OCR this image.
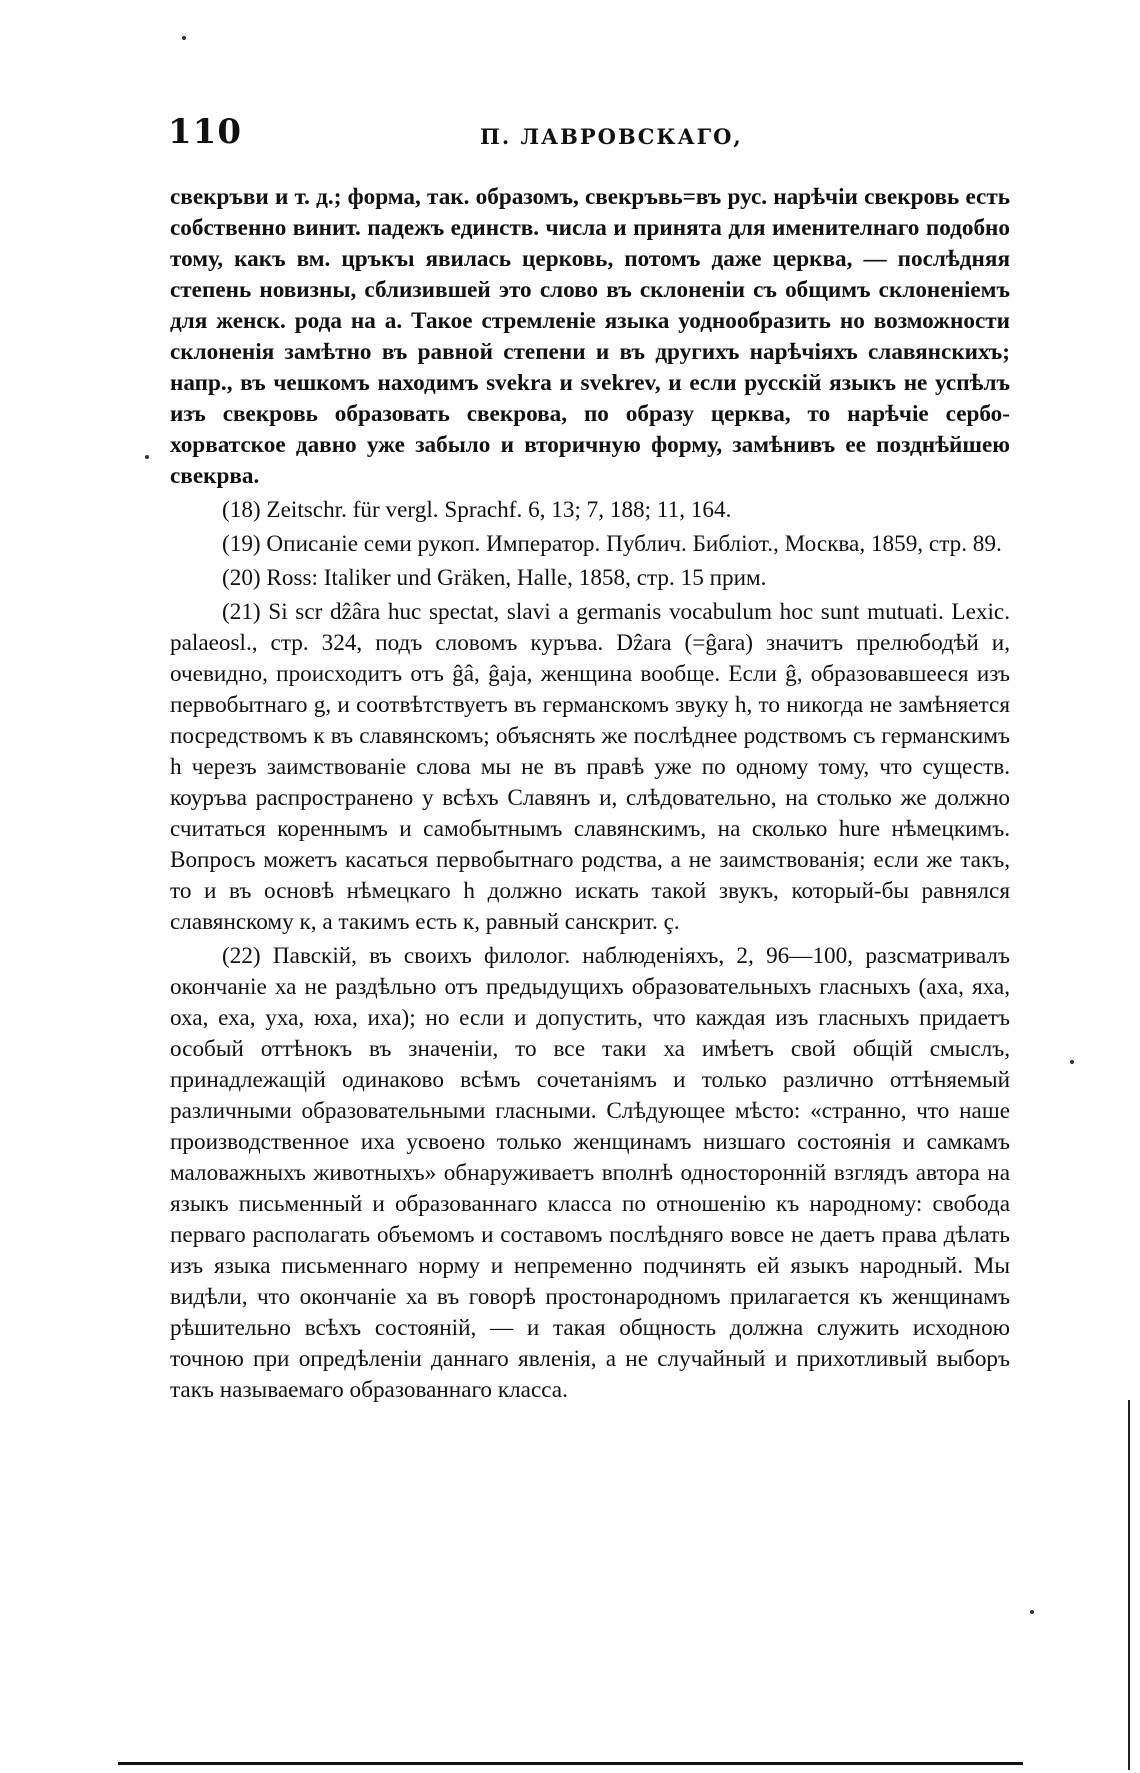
110	П. ЛАВРОВСКАГО,

свекръви и т. д.; форма, так. образомъ, свекръвь=въ рус. нарѣчіи свекровь есть собственно винит. падежъ единств. числа и принята для именителнаго подобно тому, какъ вм. цръкъı явилась церковь, потомъ даже церква, — послѣдняя степень новизны, сблизившей это слово въ склоненіи съ общимъ склоненіемъ для женск. рода на а. Такое стремленіе языка уоднообразить но возможности склоненія замѣтно въ равной степени и въ другихъ нарѣчіяхъ славянскихъ; напр., въ чешкомъ находимъ svekra и svekrev, и если русскій языкъ не успѣлъ изъ свекровь образовать свекрова, по образу церква, то нарѣчіе сербо-хорватское давно уже забыло и вторичную форму, замѣнивъ ее позднѣйшею свекрва.

(18) Zeitschr. für vergl. Sprachf. 6, 13; 7, 188; 11, 164.

(19) Описаніе семи рукоп. Император. Публич. Библіот., Москва, 1859, стр. 89.

(20) Ross: Italiker und Gräken, Halle, 1858, стр. 15 прим.

(21) Si scr dẑâra huc spectat, slavi a germanis vocabulum hoc sunt mutuati. Lexic. palaeosl., стр. 324, подъ словомъ куръва. Dẑara (=ĝara) значитъ прелюбодѣй и, очевидно, происходитъ отъ ĝâ, ĝaja, женщина вообще. Если ĝ, образовавшееся изъ первобытнаго g, и соотвѣтствуетъ въ германскомъ звуку h, то никогда не замѣняется посредствомъ к въ славянскомъ; объяснять же послѣднее родствомъ съ германскимъ h черезъ заимствованіе слова мы не въ правѣ уже по одному тому, что существ. коуръва распространено у всѣхъ Славянъ и, слѣдовательно, на столько же должно считаться кореннымъ и самобытнымъ славянскимъ, на сколько hure нѣмецкимъ. Вопросъ можетъ касаться первобытнаго родства, а не заимствованія; если же такъ, то и въ основѣ нѣмецкаго h должно искать такой звукъ, который-бы равнялся славянскому к, а такимъ есть к, равный санскрит. ç.

(22) Павскій, въ своихъ филолог. наблюденіяхъ, 2, 96—100, разсматривалъ окончаніе ха не раздѣльно отъ предыдущихъ образовательныхъ гласныхъ (аха, яха, оха, еха, уха, юха, иха); но если и допустить, что каждая изъ гласныхъ придаетъ особый оттѣнокъ въ значеніи, то все таки ха имѣетъ свой общій смыслъ, принадлежащій одинаково всѣмъ сочетаніямъ и только различно оттѣняемый различными образовательными гласными. Слѣдующее мѣсто: «странно, что наше производственное иха усвоено только женщинамъ низшаго состоянія и самкамъ маловажныхъ животныхъ» обнаруживаетъ вполнѣ односторонній взглядъ автора на языкъ письменный и образованнаго класса по отношенію къ народному: свобода перваго располагать объемомъ и составомъ послѣдняго вовсе не даетъ права дѣлать изъ языка письменнаго норму и непременно подчинять ей языкъ народный. Мы видѣли, что окончаніе ха въ говорѣ простонародномъ прилагается къ женщинамъ рѣшительно всѣхъ состояній, — и такая общность должна служить исходною точною при опредѣленіи даннаго явленія, а не случайный и прихотливый выборъ такъ называемаго образованнаго класса.
